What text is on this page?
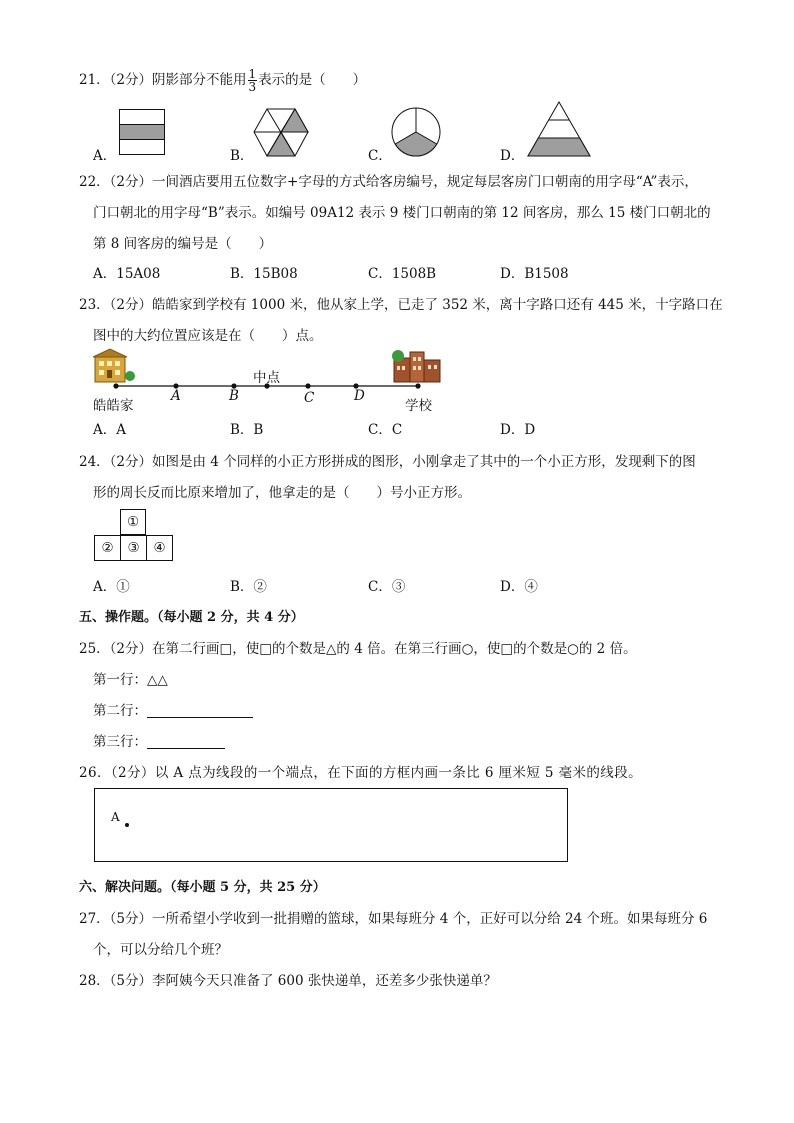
21．（2分）阴影部分不能用 $\frac{1}{3}$ 表示的是（　　）
A．	B．	C．	D．
22．（2分）一间酒店要用五位数字+字母的方式给客房编号，规定每层客房门口朝南的用字母“A”表示，
门口朝北的用字母“B”表示。如编号 09A12 表示 9 楼门口朝南的第 12 间客房，那么 15 楼门口朝北的
第 8 间客房的编号是（　　）
A．15A08	B．15B08	C．1508B	D．B1508
23．（2分）皓皓家到学校有 1000 米，他从家上学，已走了 352 米，离十字路口还有 445 米，十字路口在
图中的大约位置应该是在（　　）点。
中点
A	B	C	D
皓皓家	学校
A．A	B．B	C．C	D．D
24．（2分）如图是由 4 个同样的小正方形拼成的图形，小刚拿走了其中的一个小正方形，发现剩下的图
形的周长反而比原来增加了，他拿走的是（　　）号小正方形。
①
②	③	④
A．①	B．②	C．③	D．④
五、操作题。（每小题 2 分，共 4 分）
25．（2分）在第二行画□，使□的个数是△的 4 倍。在第三行画○，使□的个数是○的 2 倍。
第一行：△△
第二行：
第三行：
26．（2分）以 A 点为线段的一个端点，在下面的方框内画一条比 6 厘米短 5 毫米的线段。
A
六、解决问题。（每小题 5 分，共 25 分）
27．（5分）一所希望小学收到一批捐赠的篮球，如果每班分 4 个，正好可以分给 24 个班。如果每班分 6
个，可以分给几个班？
28．（5分）李阿姨今天只准备了 600 张快递单，还差多少张快递单？
